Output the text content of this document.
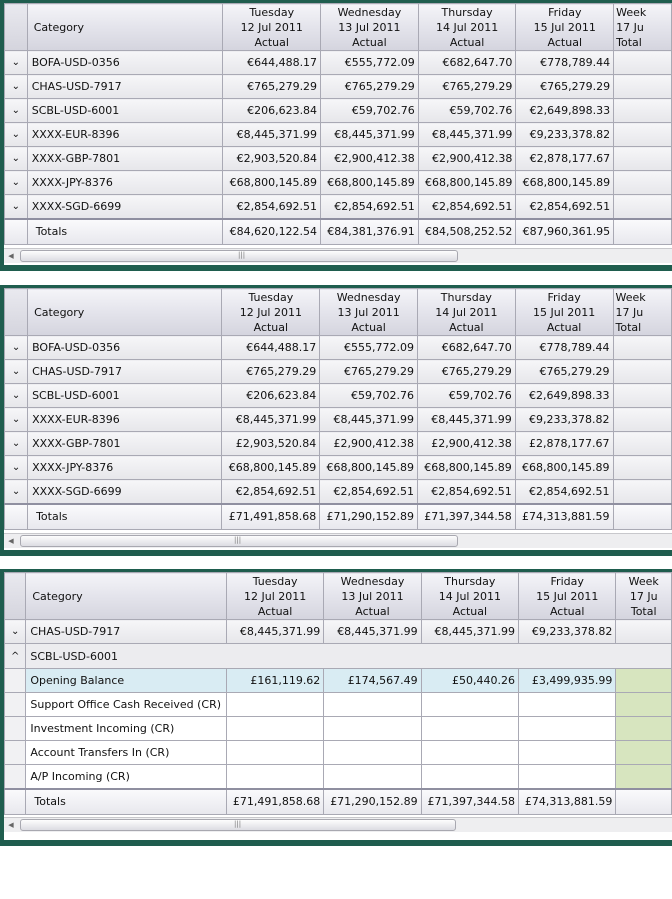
	Category	Tuesday
12 Jul 2011
Actual	Wednesday
13 Jul 2011
Actual	Thursday
14 Jul 2011
Actual	Friday
15 Jul 2011
Actual	Week
17 Ju
Total
⌄	BOFA-USD-0356	€644,488.17	€555,772.09	€682,647.70	€778,789.44	
⌄	CHAS-USD-7917	€765,279.29	€765,279.29	€765,279.29	€765,279.29	
⌄	SCBL-USD-6001	€206,623.84	€59,702.76	€59,702.76	€2,649,898.33	
⌄	XXXX-EUR-8396	€8,445,371.99	€8,445,371.99	€8,445,371.99	€9,233,378.82	
⌄	XXXX-GBP-7801	€2,903,520.84	€2,900,412.38	€2,900,412.38	€2,878,177.67	
⌄	XXXX-JPY-8376	€68,800,145.89	€68,800,145.89	€68,800,145.89	€68,800,145.89	
⌄	XXXX-SGD-6699	€2,854,692.51	€2,854,692.51	€2,854,692.51	€2,854,692.51	
	Totals	€84,620,122.54	€84,381,376.91	€84,508,252.52	€87,960,361.95	
◀	|||
	Category	Tuesday
12 Jul 2011
Actual	Wednesday
13 Jul 2011
Actual	Thursday
14 Jul 2011
Actual	Friday
15 Jul 2011
Actual	Week
17 Ju
Total
⌄	BOFA-USD-0356	€644,488.17	€555,772.09	€682,647.70	€778,789.44	
⌄	CHAS-USD-7917	€765,279.29	€765,279.29	€765,279.29	€765,279.29	
⌄	SCBL-USD-6001	€206,623.84	€59,702.76	€59,702.76	€2,649,898.33	
⌄	XXXX-EUR-8396	€8,445,371.99	€8,445,371.99	€8,445,371.99	€9,233,378.82	
⌄	XXXX-GBP-7801	£2,903,520.84	£2,900,412.38	£2,900,412.38	£2,878,177.67	
⌄	XXXX-JPY-8376	€68,800,145.89	€68,800,145.89	€68,800,145.89	€68,800,145.89	
⌄	XXXX-SGD-6699	€2,854,692.51	€2,854,692.51	€2,854,692.51	€2,854,692.51	
	Totals	£71,491,858.68	£71,290,152.89	£71,397,344.58	£74,313,881.59	
◀	|||
	Category	Tuesday
12 Jul 2011
Actual	Wednesday
13 Jul 2011
Actual	Thursday
14 Jul 2011
Actual	Friday
15 Jul 2011
Actual	Week
17 Ju
Total
⌄	CHAS-USD-7917	€8,445,371.99	€8,445,371.99	€8,445,371.99	€9,233,378.82	
^	SCBL-USD-6001					
	Opening Balance	£161,119.62	£174,567.49	£50,440.26	£3,499,935.99	
	Support Office Cash Received (CR)					
	Investment Incoming (CR)					
	Account Transfers In (CR)					
	A/P Incoming (CR)					
	Totals	£71,491,858.68	£71,290,152.89	£71,397,344.58	£74,313,881.59	
◀	|||
